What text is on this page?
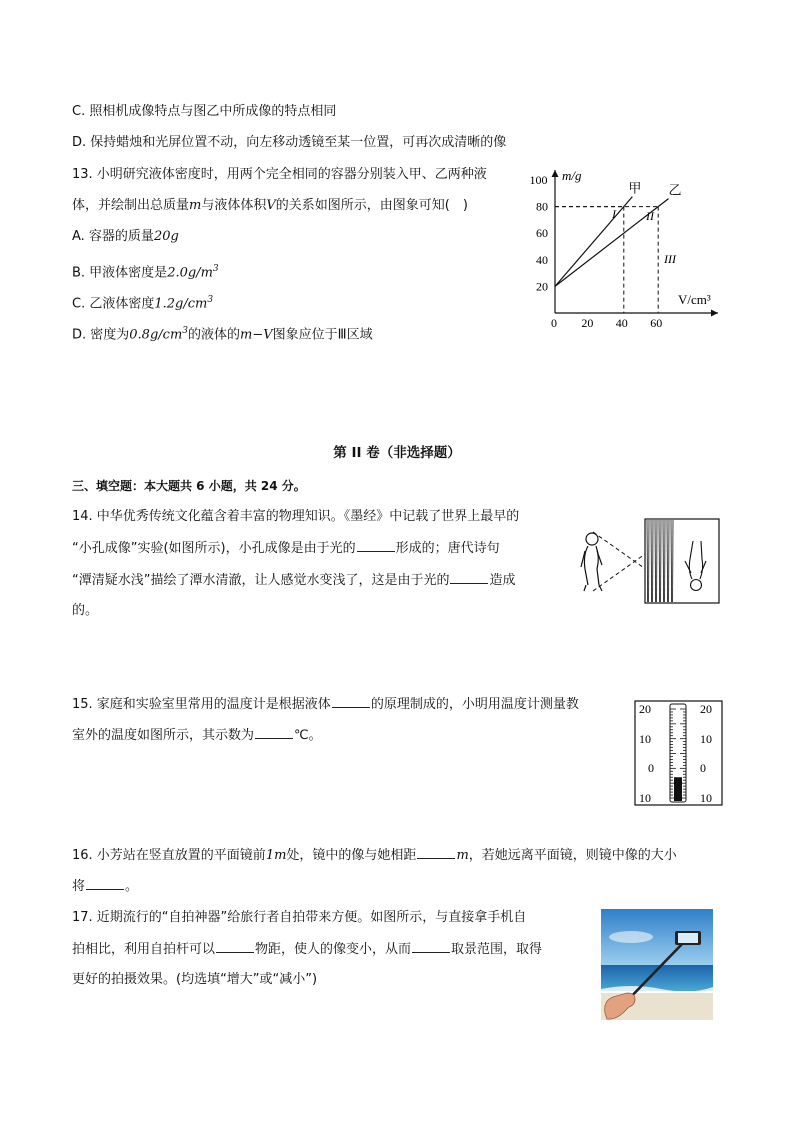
C. 照相机成像特点与图乙中所成像的特点相同
D. 保持蜡烛和光屏位置不动，向左移动透镜至某一位置，可再次成清晰的像
13. 小明研究液体密度时，用两个完全相同的容器分别装入甲、乙两种液
体，并绘制出总质量m与液体体积V的关系如图所示，由图象可知(　)
A. 容器的质量20g
B. 甲液体密度是$2.0g/m^3$
C. 乙液体密度$1.2g/cm^3$
D. 密度为$0.8g/cm^3$的液体的m−V图象应位于Ⅲ区域
0 20 40 60
20
40
60
80
100
甲 乙
m/g
V/cm³
I	II
III
第 II 卷（非选择题）
三、填空题：本大题共 6 小题，共 24 分。
14. 中华优秀传统文化蕴含着丰富的物理知识。《墨经》中记载了世界上最早的
“小孔成像”实验(如图所示)，小孔成像是由于光的	形成的；唐代诗句
“潭清疑水浅”描绘了潭水清澈，让人感觉水变浅了，这是由于光的	造成
的。
15. 家庭和实验室里常用的温度计是根据液体	的原理制成的，小明用温度计测量教
室外的温度如图所示，其示数为	℃。
20
10
0
10
20
10
0
10
16. 小芳站在竖直放置的平面镜前1m处，镜中的像与她相距	m，若她远离平面镜，则镜中像的大小
将	。
17. 近期流行的“自拍神器”给旅行者自拍带来方便。如图所示，与直接拿手机自
拍相比，利用自拍杆可以	物距，使人的像变小，从而	取景范围，取得
更好的拍摄效果。(均选填“增大”或“减小”)
